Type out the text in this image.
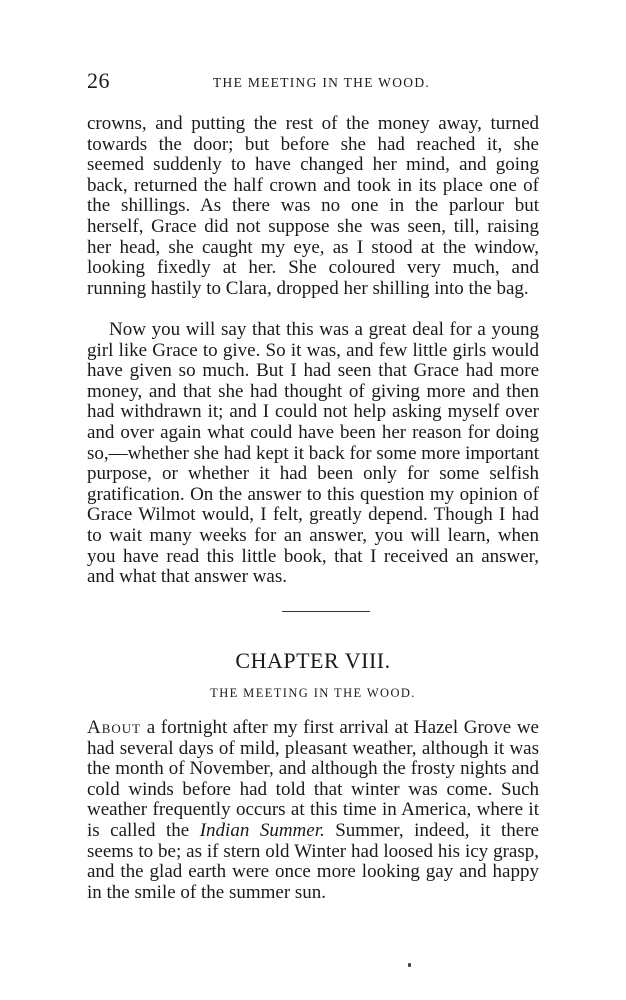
26	THE MEETING IN THE WOOD.

crowns, and putting the rest of the money away, turned towards the door; but before she had reached it, she seemed suddenly to have changed her mind, and going back, returned the half crown and took in its place one of the shillings. As there was no one in the parlour but herself, Grace did not suppose she was seen, till, raising her head, she caught my eye, as I stood at the window, looking fixedly at her. She coloured very much, and running hastily to Clara, dropped her shilling into the bag.

Now you will say that this was a great deal for a young girl like Grace to give. So it was, and few little girls would have given so much. But I had seen that Grace had more money, and that she had thought of giving more and then had withdrawn it; and I could not help asking myself over and over again what could have been her reason for doing so,—whether she had kept it back for some more important purpose, or whether it had been only for some selfish gratification. On the answer to this question my opinion of Grace Wilmot would, I felt, greatly depend. Though I had to wait many weeks for an answer, you will learn, when you have read this little book, that I received an answer, and what that answer was.

CHAPTER VIII.
THE MEETING IN THE WOOD.

About a fortnight after my first arrival at Hazel Grove we had several days of mild, pleasant weather, although it was the month of November, and although the frosty nights and cold winds before had told that winter was come. Such weather frequently occurs at this time in America, where it is called the Indian Summer. Summer, indeed, it there seems to be; as if stern old Winter had loosed his icy grasp, and the glad earth were once more looking gay and happy in the smile of the summer sun.
